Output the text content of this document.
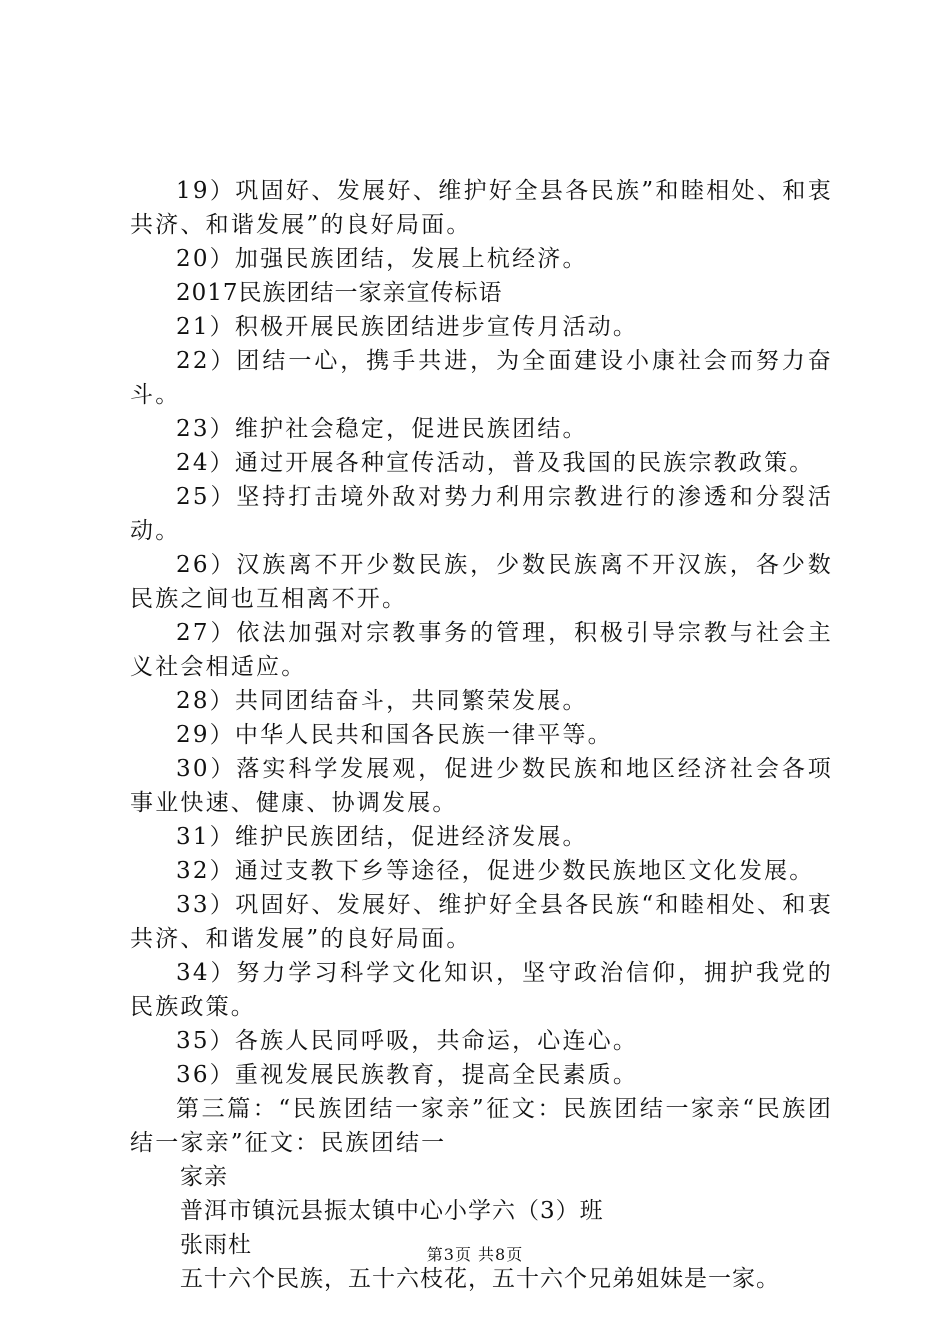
19）巩固好、发展好、维护好全县各民族”和睦相处、和衷共济、和谐发展”的良好局面。

20）加强民族团结，发展上杭经济。

2017民族团结一家亲宣传标语

21）积极开展民族团结进步宣传月活动。

22）团结一心，携手共进，为全面建设小康社会而努力奋斗。

23）维护社会稳定，促进民族团结。

24）通过开展各种宣传活动，普及我国的民族宗教政策。

25）坚持打击境外敌对势力利用宗教进行的渗透和分裂活动。

26）汉族离不开少数民族，少数民族离不开汉族，各少数民族之间也互相离不开。

27）依法加强对宗教事务的管理，积极引导宗教与社会主义社会相适应。

28）共同团结奋斗，共同繁荣发展。

29）中华人民共和国各民族一律平等。

30）落实科学发展观，促进少数民族和地区经济社会各项事业快速、健康、协调发展。

31）维护民族团结，促进经济发展。

32）通过支教下乡等途径，促进少数民族地区文化发展。

33）巩固好、发展好、维护好全县各民族“和睦相处、和衷共济、和谐发展”的良好局面。

34）努力学习科学文化知识，坚守政治信仰，拥护我党的民族政策。

35）各族人民同呼吸，共命运，心连心。

36）重视发展民族教育，提高全民素质。

第三篇：“民族团结一家亲”征文：民族团结一家亲“民族团结一家亲”征文：民族团结一

家亲

普洱市镇沅县振太镇中心小学六（3）班

张雨杜

五十六个民族，五十六枝花，五十六个兄弟姐妹是一家。

第3页 共8页
